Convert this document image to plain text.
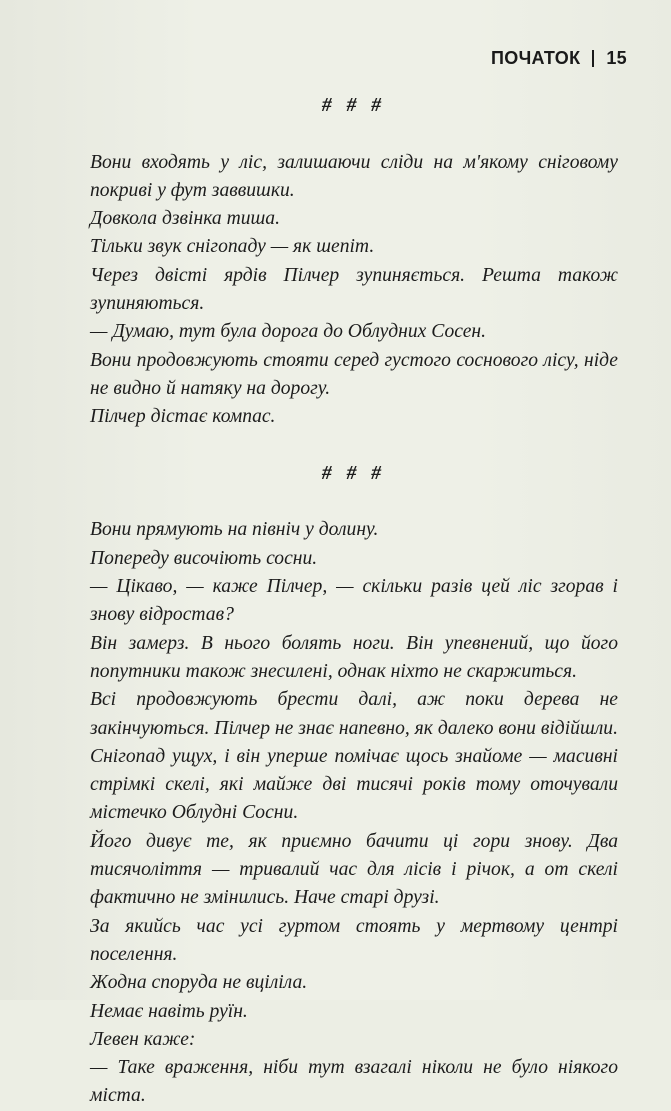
ПОЧАТОК 15

# # #

Вони входять у ліс, залишаючи сліди на м'якому сніговому покриві у фут заввишки.

Довкола дзвінка тиша.

Тільки звук снігопаду — як шепіт.

Через двісті ярдів Пілчер зупиняється. Решта також зупиняються.

— Думаю, тут була дорога до Облудних Сосен.

Вони продовжують стояти серед густого соснового лісу, ніде не видно й натяку на дорогу.

Пілчер дістає компас.

# # #

Вони прямують на північ у долину.

Попереду височіють сосни.

— Цікаво, — каже Пілчер, — скільки разів цей ліс згорав і знову відростав?

Він замерз. В нього болять ноги. Він упевнений, що його попутники також знесилені, однак ніхто не скаржиться.

Всі продовжують брести далі, аж поки дерева не закінчуються. Пілчер не знає напевно, як далеко вони відійшли. Снігопад ущух, і він уперше помічає щось знайоме — масивні стрімкі скелі, які майже дві тисячі років тому оточували містечко Облудні Сосни.

Його дивує те, як приємно бачити ці гори знову. Два тисячоліття — тривалий час для лісів і річок, а от скелі фактично не змінились. Наче старі друзі.

За якийсь час усі гуртом стоять у мертвому центрі поселення.

Жодна споруда не вціліла.

Немає навіть руїн.

Левен каже:

— Таке враження, ніби тут взагалі ніколи не було ніякого міста.
